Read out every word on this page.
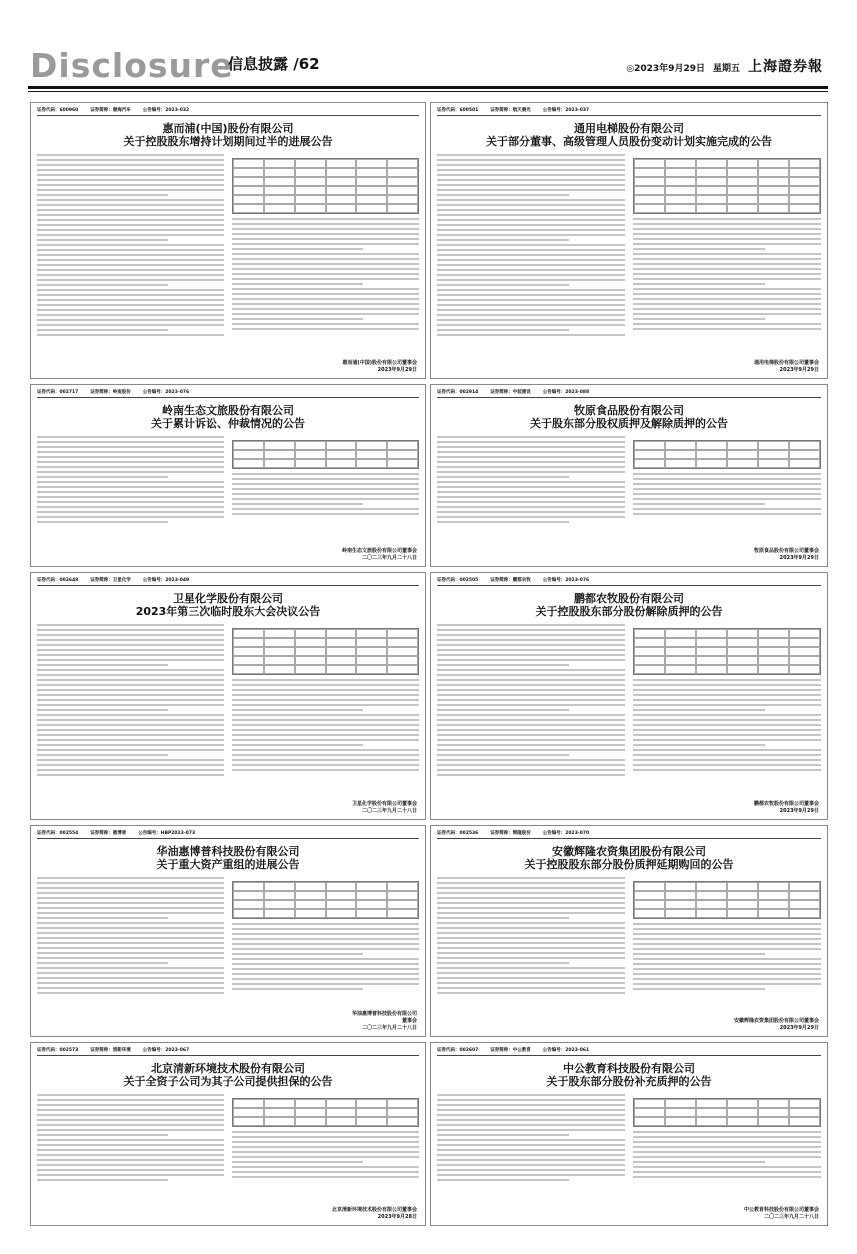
Disclosure
信息披露 /62	◎2023年9月29日 星期五 上海證券報
证券代码：600960	证券简称：渤海汽车	公告编号：2023-032
惠而浦(中国)股份有限公司
关于控股股东增持计划期间过半的进展公告
惠而浦(中国)股份有限公司董事会
2023年9月29日
证券代码：600501	证券简称：航天晨光	公告编号：2023-037
通用电梯股份有限公司
关于部分董事、高级管理人员股份变动计划实施完成的公告
通用电梯股份有限公司董事会
2023年9月29日
证券代码：002717	证券简称：岭南股份	公告编号：2023-076
岭南生态文旅股份有限公司
关于累计诉讼、仲裁情况的公告
岭南生态文旅股份有限公司董事会
二〇二三年九月二十八日
证券代码：002914	证券简称：中装建设	公告编号：2023-088
牧原食品股份有限公司
关于股东部分股权质押及解除质押的公告
牧原食品股份有限公司董事会
2023年9月29日
证券代码：002648	证券简称：卫星化学	公告编号：2023-049
卫星化学股份有限公司
2023年第三次临时股东大会决议公告
卫星化学股份有限公司董事会
二〇二三年九月二十八日
证券代码：002505	证券简称：鹏都农牧	公告编号：2023-076
鹏都农牧股份有限公司
关于控股股东部分股份解除质押的公告
鹏都农牧股份有限公司董事会
2023年9月29日
证券代码：002554	证券简称：惠博普	公告编号：HBP2023-073
华油惠博普科技股份有限公司
关于重大资产重组的进展公告
华油惠博普科技股份有限公司
董事会
二〇二三年九月二十八日
证券代码：002536	证券简称：辉隆股份	公告编号：2023-070
安徽辉隆农资集团股份有限公司
关于控股股东部分股份质押延期购回的公告
安徽辉隆农资集团股份有限公司董事会
2023年9月29日
证券代码：002573	证券简称：清新环境	公告编号：2023-067
北京清新环境技术股份有限公司
关于全资子公司为其子公司提供担保的公告
北京清新环境技术股份有限公司董事会
2023年9月28日
证券代码：002607	证券简称：中公教育	公告编号：2023-061
中公教育科技股份有限公司
关于股东部分股份补充质押的公告
中公教育科技股份有限公司董事会
二〇二三年九月二十八日
